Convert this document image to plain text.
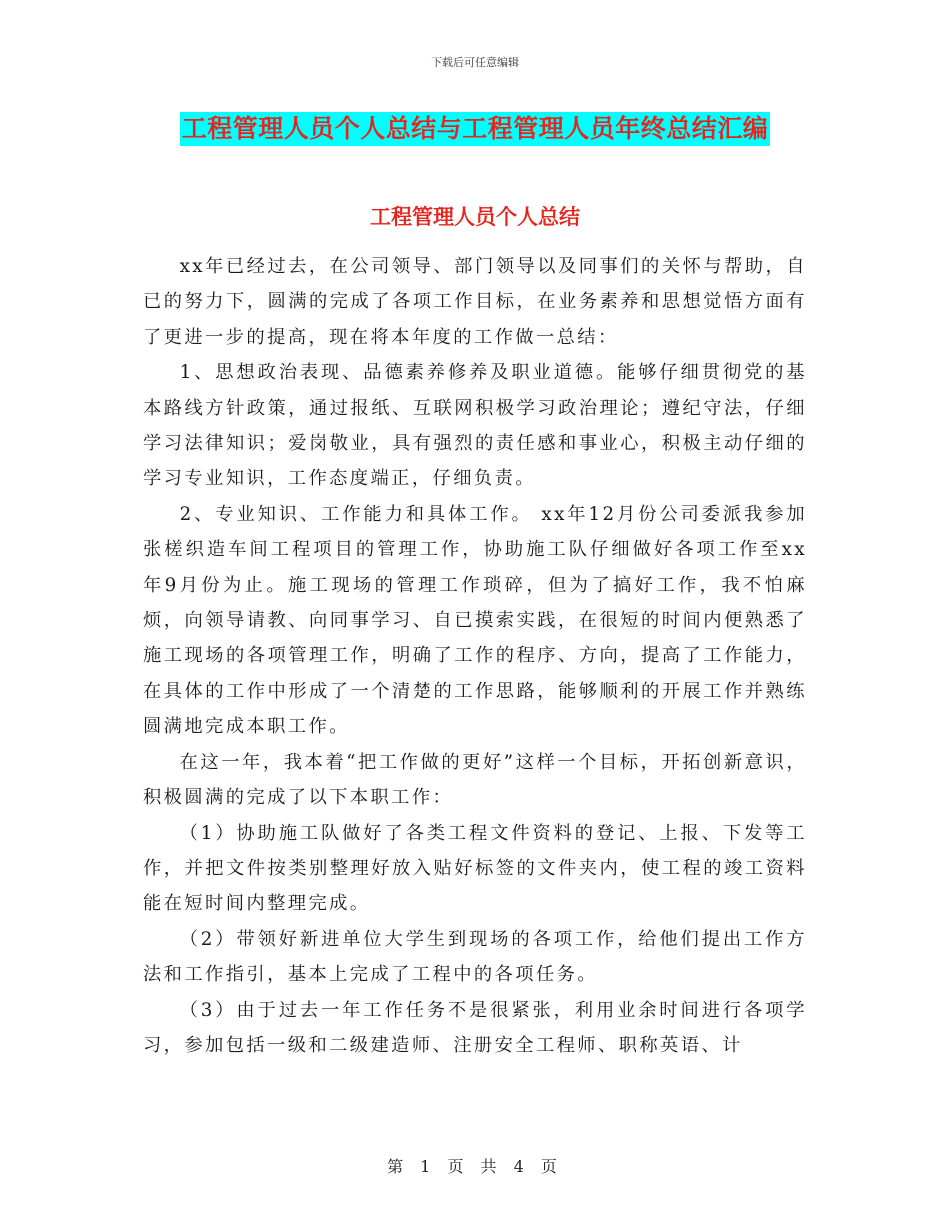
下载后可任意编辑
工程管理人员个人总结与工程管理人员年终总结汇编
工程管理人员个人总结

xx年已经过去，在公司领导、部门领导以及同事们的关怀与帮助，自已的努力下，圆满的完成了各项工作目标，在业务素养和思想觉悟方面有了更进一步的提高，现在将本年度的工作做一总结：

1、思想政治表现、品德素养修养及职业道德。能够仔细贯彻党的基本路线方针政策，通过报纸、互联网积极学习政治理论；遵纪守法，仔细学习法律知识；爱岗敬业，具有强烈的责任感和事业心，积极主动仔细的学习专业知识，工作态度端正，仔细负责。

2、专业知识、工作能力和具体工作。 xx年12月份公司委派我参加张槎织造车间工程项目的管理工作，协助施工队仔细做好各项工作至xx年9月份为止。施工现场的管理工作琐碎，但为了搞好工作，我不怕麻烦，向领导请教、向同事学习、自已摸索实践，在很短的时间内便熟悉了施工现场的各项管理工作，明确了工作的程序、方向，提高了工作能力，在具体的工作中形成了一个清楚的工作思路，能够顺利的开展工作并熟练圆满地完成本职工作。

在这一年，我本着“把工作做的更好”这样一个目标，开拓创新意识，积极圆满的完成了以下本职工作：

（1）协助施工队做好了各类工程文件资料的登记、上报、下发等工作，并把文件按类别整理好放入贴好标签的文件夹内，使工程的竣工资料能在短时间内整理完成。

（2）带领好新进单位大学生到现场的各项工作，给他们提出工作方法和工作指引，基本上完成了工程中的各项任务。

（3）由于过去一年工作任务不是很紧张，利用业余时间进行各项学习，参加包括一级和二级建造师、注册安全工程师、职称英语、计

第 1 页 共 4 页
